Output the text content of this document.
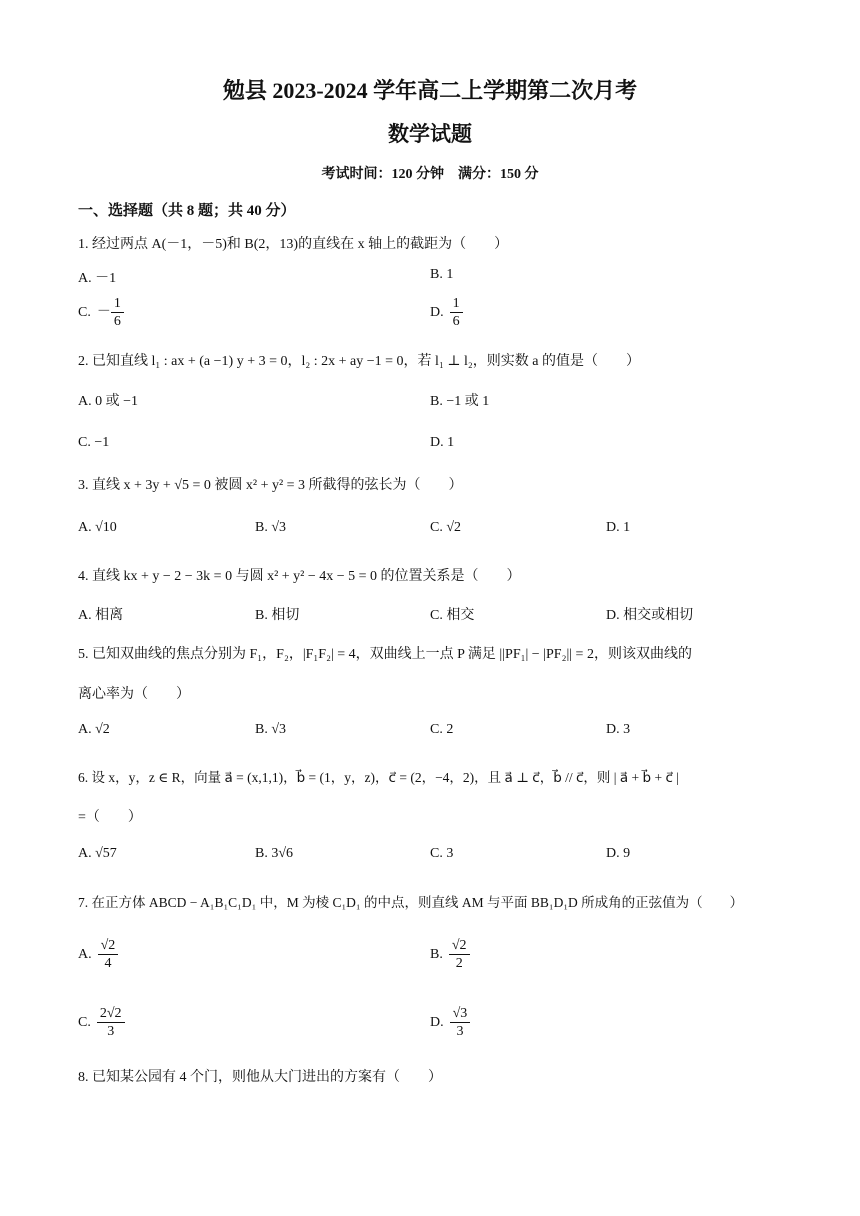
勉县 2023-2024 学年高二上学期第二次月考
数学试题
考试时间：120 分钟　满分：150 分
一、选择题（共 8 题；共 40 分）
1. 经过两点 A(－1，－5)和 B(2，13)的直线在 x 轴上的截距为（　　）
A. －1	B. 1
C. － $\frac{1}{6}$	D. $\frac{1}{6}$
2. 已知直线 l₁ : ax + (a −1) y + 3 = 0，l₂ : 2x + ay −1 = 0，若 l₁ ⊥ l₂，则实数 a 的值是（　　）
A. 0 或 −1	B. −1 或 1
C. −1	D. 1
3. 直线 x + 3y + √5 = 0 被圆 x² + y² = 3 所截得的弦长为（　　）
A. √10	B. √3	C. √2	D. 1
4. 直线 kx + y − 2 − 3k = 0 与圆 x² + y² − 4x − 5 = 0 的位置关系是（　　）
A. 相离	B. 相切	C. 相交	D. 相交或相切
5. 已知双曲线的焦点分别为 F₁，F₂，|F₁F₂| = 4，双曲线上一点 P 满足 ||PF₁| − |PF₂|| = 2，则该双曲线的
离心率为（　　）
A. √2	B. √3	C. 2	D. 3
6. 设 x，y，z ∈ R，向量 a⃗ = (x,1,1)，b⃗ = (1，y，z)，c⃗ = (2，−4，2)，且 a⃗ ⊥ c⃗，b⃗ // c⃗，则 | a⃗ + b⃗ + c⃗ |
=（　　）
A. √57	B. 3√6	C. 3	D. 9
7. 在正方体 ABCD − A₁B₁C₁D₁ 中，M 为棱 C₁D₁ 的中点，则直线 AM 与平面 BB₁D₁D 所成角的正弦值为（　　）
A. $\frac{√2}{4}$	B. $\frac{√2}{2}$
C. $\frac{2√2}{3}$	D. $\frac{√3}{3}$
8. 已知某公园有 4 个门，则他从大门进出的方案有（　　）
